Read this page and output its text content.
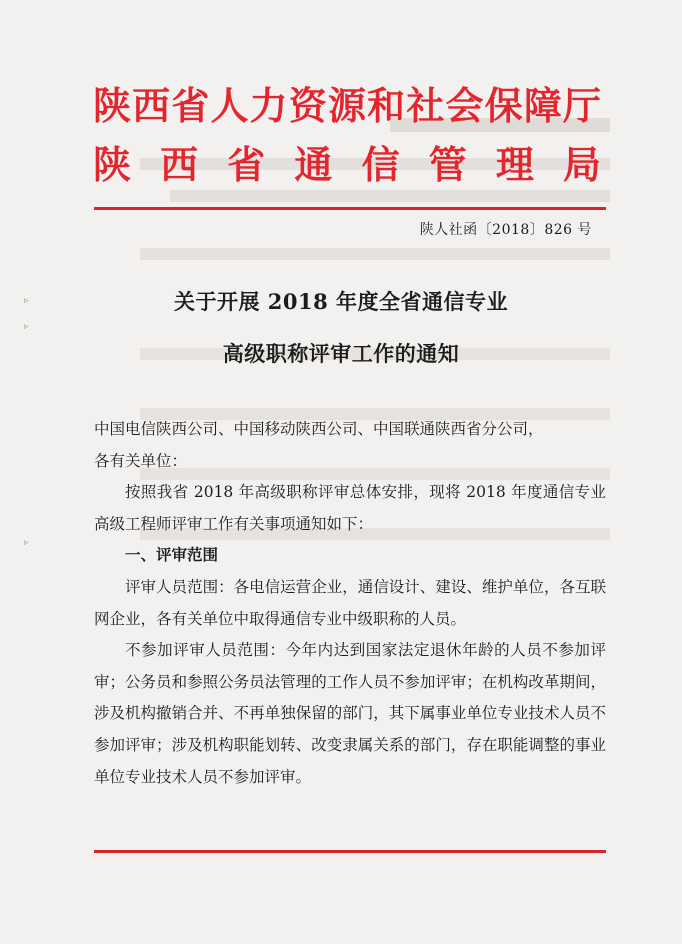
▹
▹
▹
陕西省人力资源和社会保障厅
陕西省通信管理局
陕人社函〔2018〕826 号
关于开展 2018 年度全省通信专业
高级职称评审工作的通知

中国电信陕西公司、中国移动陕西公司、中国联通陕西省分公司，

各有关单位：

按照我省 2018 年高级职称评审总体安排，现将 2018 年度通信专业高级工程师评审工作有关事项通知如下：

一、评审范围

评审人员范围：各电信运营企业，通信设计、建设、维护单位，各互联网企业，各有关单位中取得通信专业中级职称的人员。

不参加评审人员范围：今年内达到国家法定退休年龄的人员不参加评审；公务员和参照公务员法管理的工作人员不参加评审；在机构改革期间，涉及机构撤销合并、不再单独保留的部门，其下属事业单位专业技术人员不参加评审；涉及机构职能划转、改变隶属关系的部门，存在职能调整的事业单位专业技术人员不参加评审。
